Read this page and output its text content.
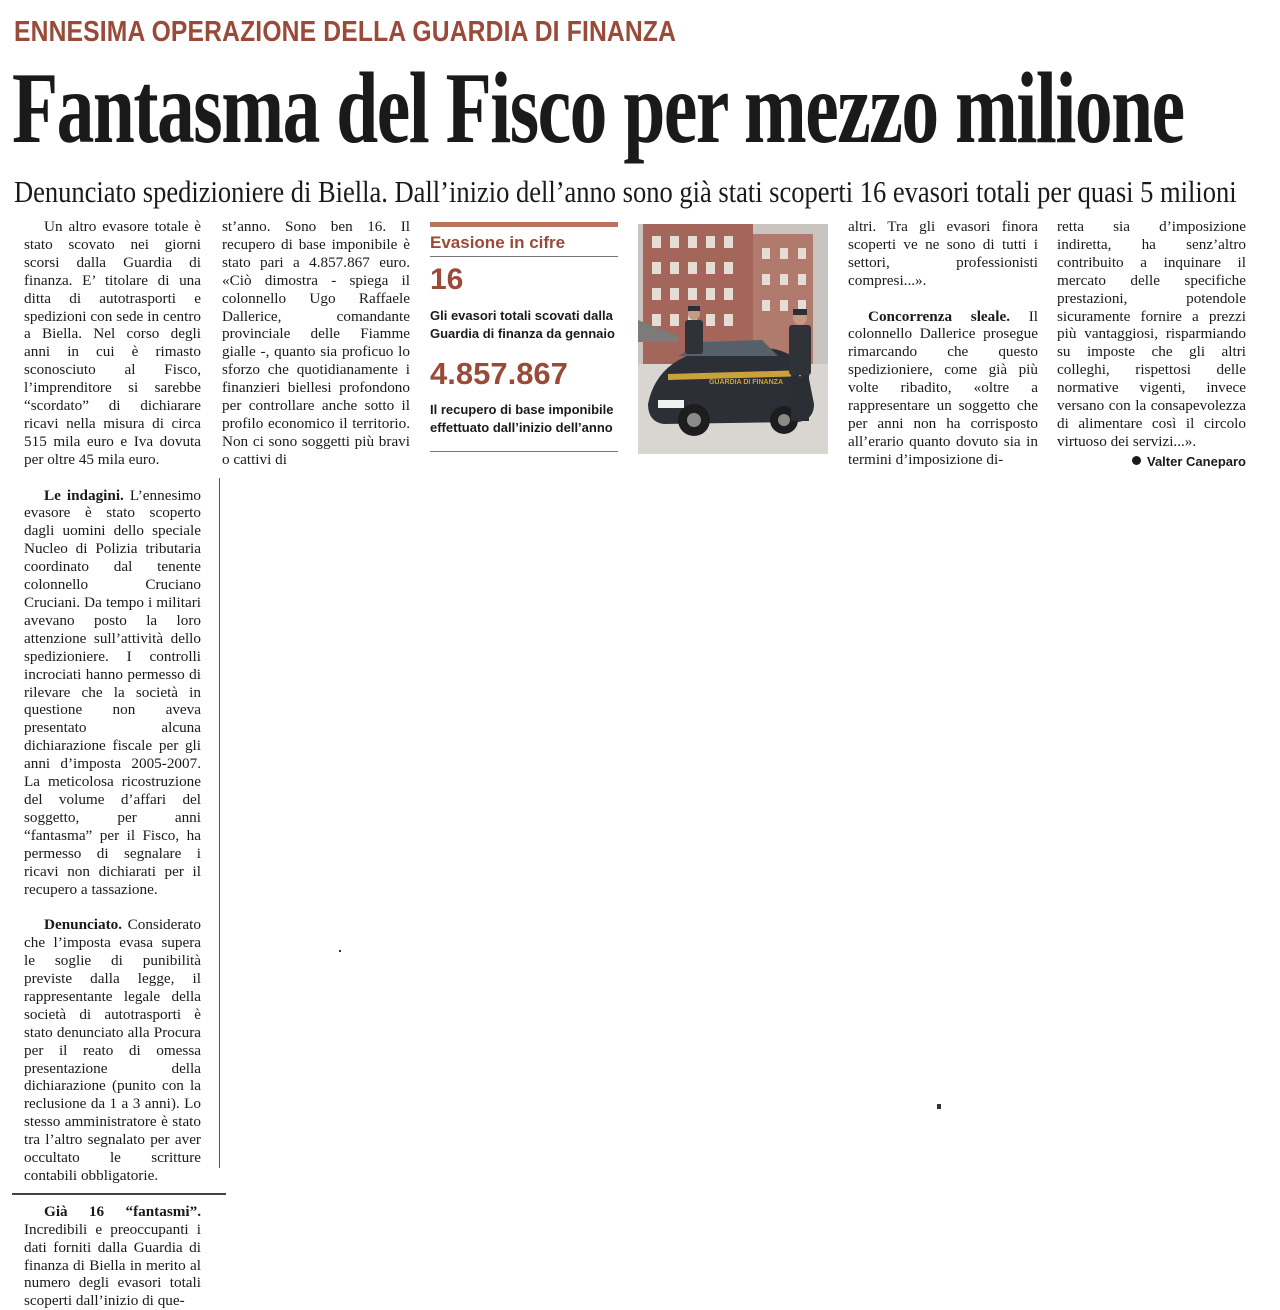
ENNESIMA OPERAZIONE DELLA GUARDIA DI FINANZA
Fantasma del Fisco per mezzo milione
Denunciato spedizioniere di Biella. Dall’inizio dell’anno sono già stati scoperti 16 evasori totali per quasi 5 milioni

Un altro evasore totale è stato scovato nei giorni scorsi dalla Guardia di finanza. E’ titolare di una ditta di autotrasporti e spedizioni con sede in centro a Biella. Nel corso degli anni in cui è rimasto sconosciuto al Fisco, l’imprenditore si sarebbe “scordato” di dichiarare ricavi nella misura di circa 515 mila euro e Iva dovuta per oltre 45 mila euro.

Le indagini. L’ennesimo evasore è stato scoperto dagli uomini dello speciale Nucleo di Polizia tributaria coordinato dal tenente colonnello Cruciano Cruciani. Da tempo i militari avevano posto la loro attenzione sull’attività dello spedizioniere. I controlli incrociati hanno permesso di rilevare che la società in questione non aveva presentato alcuna dichiarazione fiscale per gli anni d’imposta 2005-2007. La meticolosa ricostruzione del volume d’affari del soggetto, per anni “fantasma” per il Fisco, ha permesso di segnalare i ricavi non dichiarati per il recupero a tassazione.

Denunciato. Considerato che l’imposta evasa supera le soglie di punibilità previste dalla legge, il rappresentante legale della società di autotrasporti è stato denunciato alla Procura per il reato di omessa presentazione della dichiarazione (punito con la reclusione da 1 a 3 anni). Lo stesso amministratore è stato tra l’altro segnalato per aver occultato le scritture contabili obbligatorie.

Già 16 “fantasmi”. Incredibili e preoccupanti i dati forniti dalla Guardia di finanza di Biella in merito al numero degli evasori totali scoperti dall’inizio di que-

st’anno. Sono ben 16. Il recupero di base imponibile è stato pari a 4.857.867 euro. «Ciò dimostra - spiega il colonnello Ugo Raffaele Dallerice, comandante provinciale delle Fiamme gialle -, quanto sia proficuo lo sforzo che quotidianamente i finanzieri biellesi profondono per controllare anche sotto il profilo economico il territorio. Non ci sono soggetti più bravi o cattivi di

Evasione in cifre
16
Gli evasori totali scovati dalla Guardia di finanza da gennaio
4.857.867
Il recupero di base imponibile effettuato dall’inizio dell’anno
GUARDIA DI FINANZA

altri. Tra gli evasori finora scoperti ve ne sono di tutti i settori, professionisti compresi...».

Concorrenza sleale. Il colonnello Dallerice prosegue rimarcando che questo spedizioniere, come già più volte ribadito, «oltre a rappresentare un soggetto che per anni non ha corrisposto all’erario quanto dovuto sia in termini d’imposizione di-

retta sia d’imposizione indiretta, ha senz’altro contribuito a inquinare il mercato delle specifiche prestazioni, potendole sicuramente fornire a prezzi più vantaggiosi, risparmiando su imposte che gli altri colleghi, rispettosi delle normative vigenti, invece versano con la consapevolezza di alimentare così il circolo virtuoso dei servizi...».

Valter Caneparo
